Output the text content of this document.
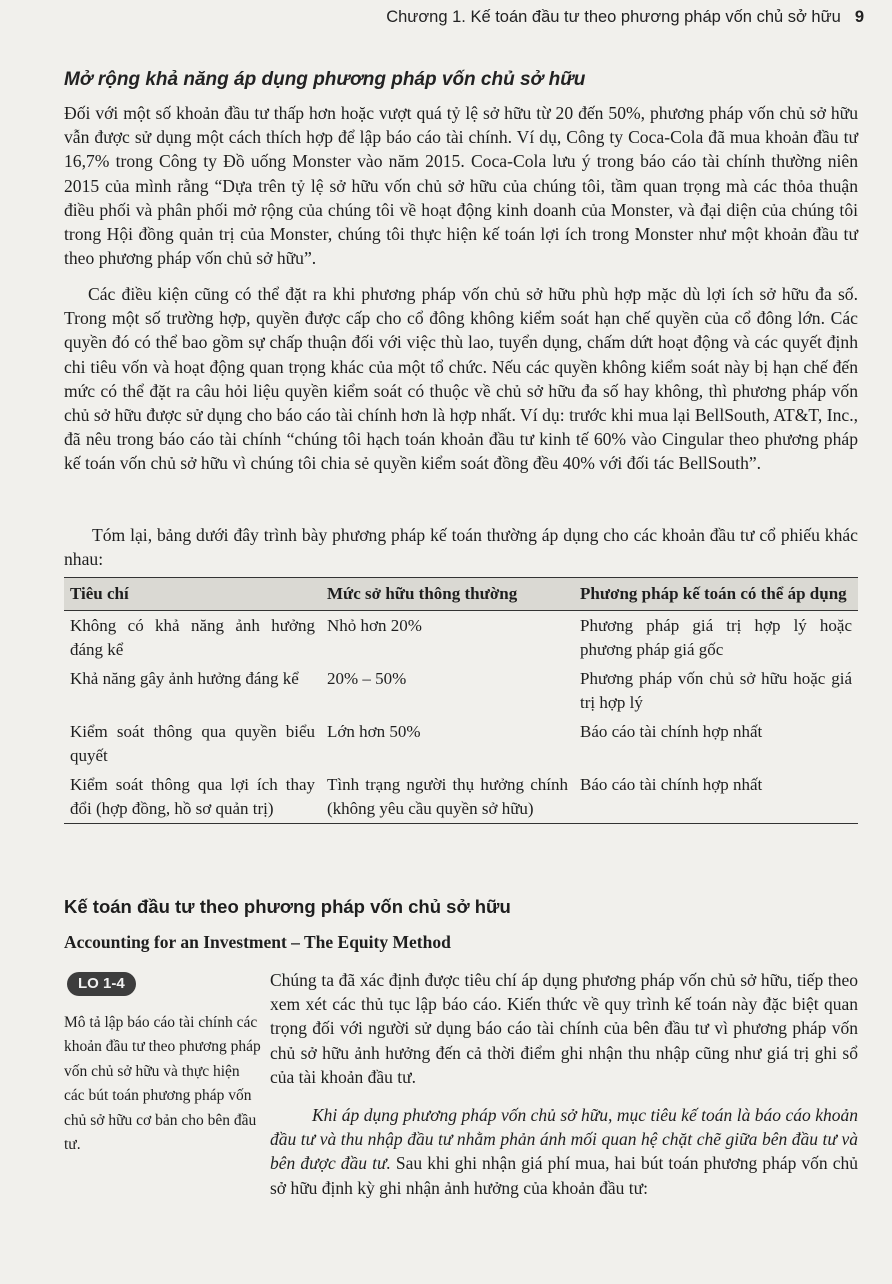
Chương 1. Kế toán đầu tư theo phương pháp vốn chủ sở hữu 9
Mở rộng khả năng áp dụng phương pháp vốn chủ sở hữu

Đối với một số khoản đầu tư thấp hơn hoặc vượt quá tỷ lệ sở hữu từ 20 đến 50%, phương pháp vốn chủ sở hữu vẫn được sử dụng một cách thích hợp để lập báo cáo tài chính. Ví dụ, Công ty Coca-Cola đã mua khoản đầu tư 16,7% trong Công ty Đồ uống Monster vào năm 2015. Coca-Cola lưu ý trong báo cáo tài chính thường niên 2015 của mình rằng “Dựa trên tỷ lệ sở hữu vốn chủ sở hữu của chúng tôi, tầm quan trọng mà các thỏa thuận điều phối và phân phối mở rộng của chúng tôi về hoạt động kinh doanh của Monster, và đại diện của chúng tôi trong Hội đồng quản trị của Monster, chúng tôi thực hiện kế toán lợi ích trong Monster như một khoản đầu tư theo phương pháp vốn chủ sở hữu”.

Các điều kiện cũng có thể đặt ra khi phương pháp vốn chủ sở hữu phù hợp mặc dù lợi ích sở hữu đa số. Trong một số trường hợp, quyền được cấp cho cổ đông không kiểm soát hạn chế quyền của cổ đông lớn. Các quyền đó có thể bao gồm sự chấp thuận đối với việc thù lao, tuyển dụng, chấm dứt hoạt động và các quyết định chi tiêu vốn và hoạt động quan trọng khác của một tổ chức. Nếu các quyền không kiểm soát này bị hạn chế đến mức có thể đặt ra câu hỏi liệu quyền kiểm soát có thuộc về chủ sở hữu đa số hay không, thì phương pháp vốn chủ sở hữu được sử dụng cho báo cáo tài chính hơn là hợp nhất. Ví dụ: trước khi mua lại BellSouth, AT&T, Inc., đã nêu trong báo cáo tài chính “chúng tôi hạch toán khoản đầu tư kinh tế 60% vào Cingular theo phương pháp kế toán vốn chủ sở hữu vì chúng tôi chia sẻ quyền kiểm soát đồng đều 40% với đối tác BellSouth”.

Tóm lại, bảng dưới đây trình bày phương pháp kế toán thường áp dụng cho các khoản đầu tư cổ phiếu khác nhau:

Tiêu chí	Mức sở hữu thông thường	Phương pháp kế toán có thể áp dụng
Không có khả năng ảnh hưởng đáng kể	Nhỏ hơn 20%	Phương pháp giá trị hợp lý hoặc phương pháp giá gốc
Khả năng gây ảnh hưởng đáng kể	20% – 50%	Phương pháp vốn chủ sở hữu hoặc giá trị hợp lý
Kiểm soát thông qua quyền biểu quyết	Lớn hơn 50%	Báo cáo tài chính hợp nhất
Kiểm soát thông qua lợi ích thay đổi (hợp đồng, hồ sơ quản trị)	Tình trạng người thụ hưởng chính (không yêu cầu quyền sở hữu)	Báo cáo tài chính hợp nhất
Kế toán đầu tư theo phương pháp vốn chủ sở hữu
Accounting for an Investment – The Equity Method
LO 1-4

Mô tả lập báo cáo tài chính các khoản đầu tư theo phương pháp vốn chủ sở hữu và thực hiện các bút toán phương pháp vốn chủ sở hữu cơ bản cho bên đầu tư.

Chúng ta đã xác định được tiêu chí áp dụng phương pháp vốn chủ sở hữu, tiếp theo xem xét các thủ tục lập báo cáo. Kiến thức về quy trình kế toán này đặc biệt quan trọng đối với người sử dụng báo cáo tài chính của bên đầu tư vì phương pháp vốn chủ sở hữu ảnh hưởng đến cả thời điểm ghi nhận thu nhập cũng như giá trị ghi sổ của tài khoản đầu tư.

Khi áp dụng phương pháp vốn chủ sở hữu, mục tiêu kế toán là báo cáo khoản đầu tư và thu nhập đầu tư nhằm phản ánh mối quan hệ chặt chẽ giữa bên đầu tư và bên được đầu tư. Sau khi ghi nhận giá phí mua, hai bút toán phương pháp vốn chủ sở hữu định kỳ ghi nhận ảnh hưởng của khoản đầu tư:
